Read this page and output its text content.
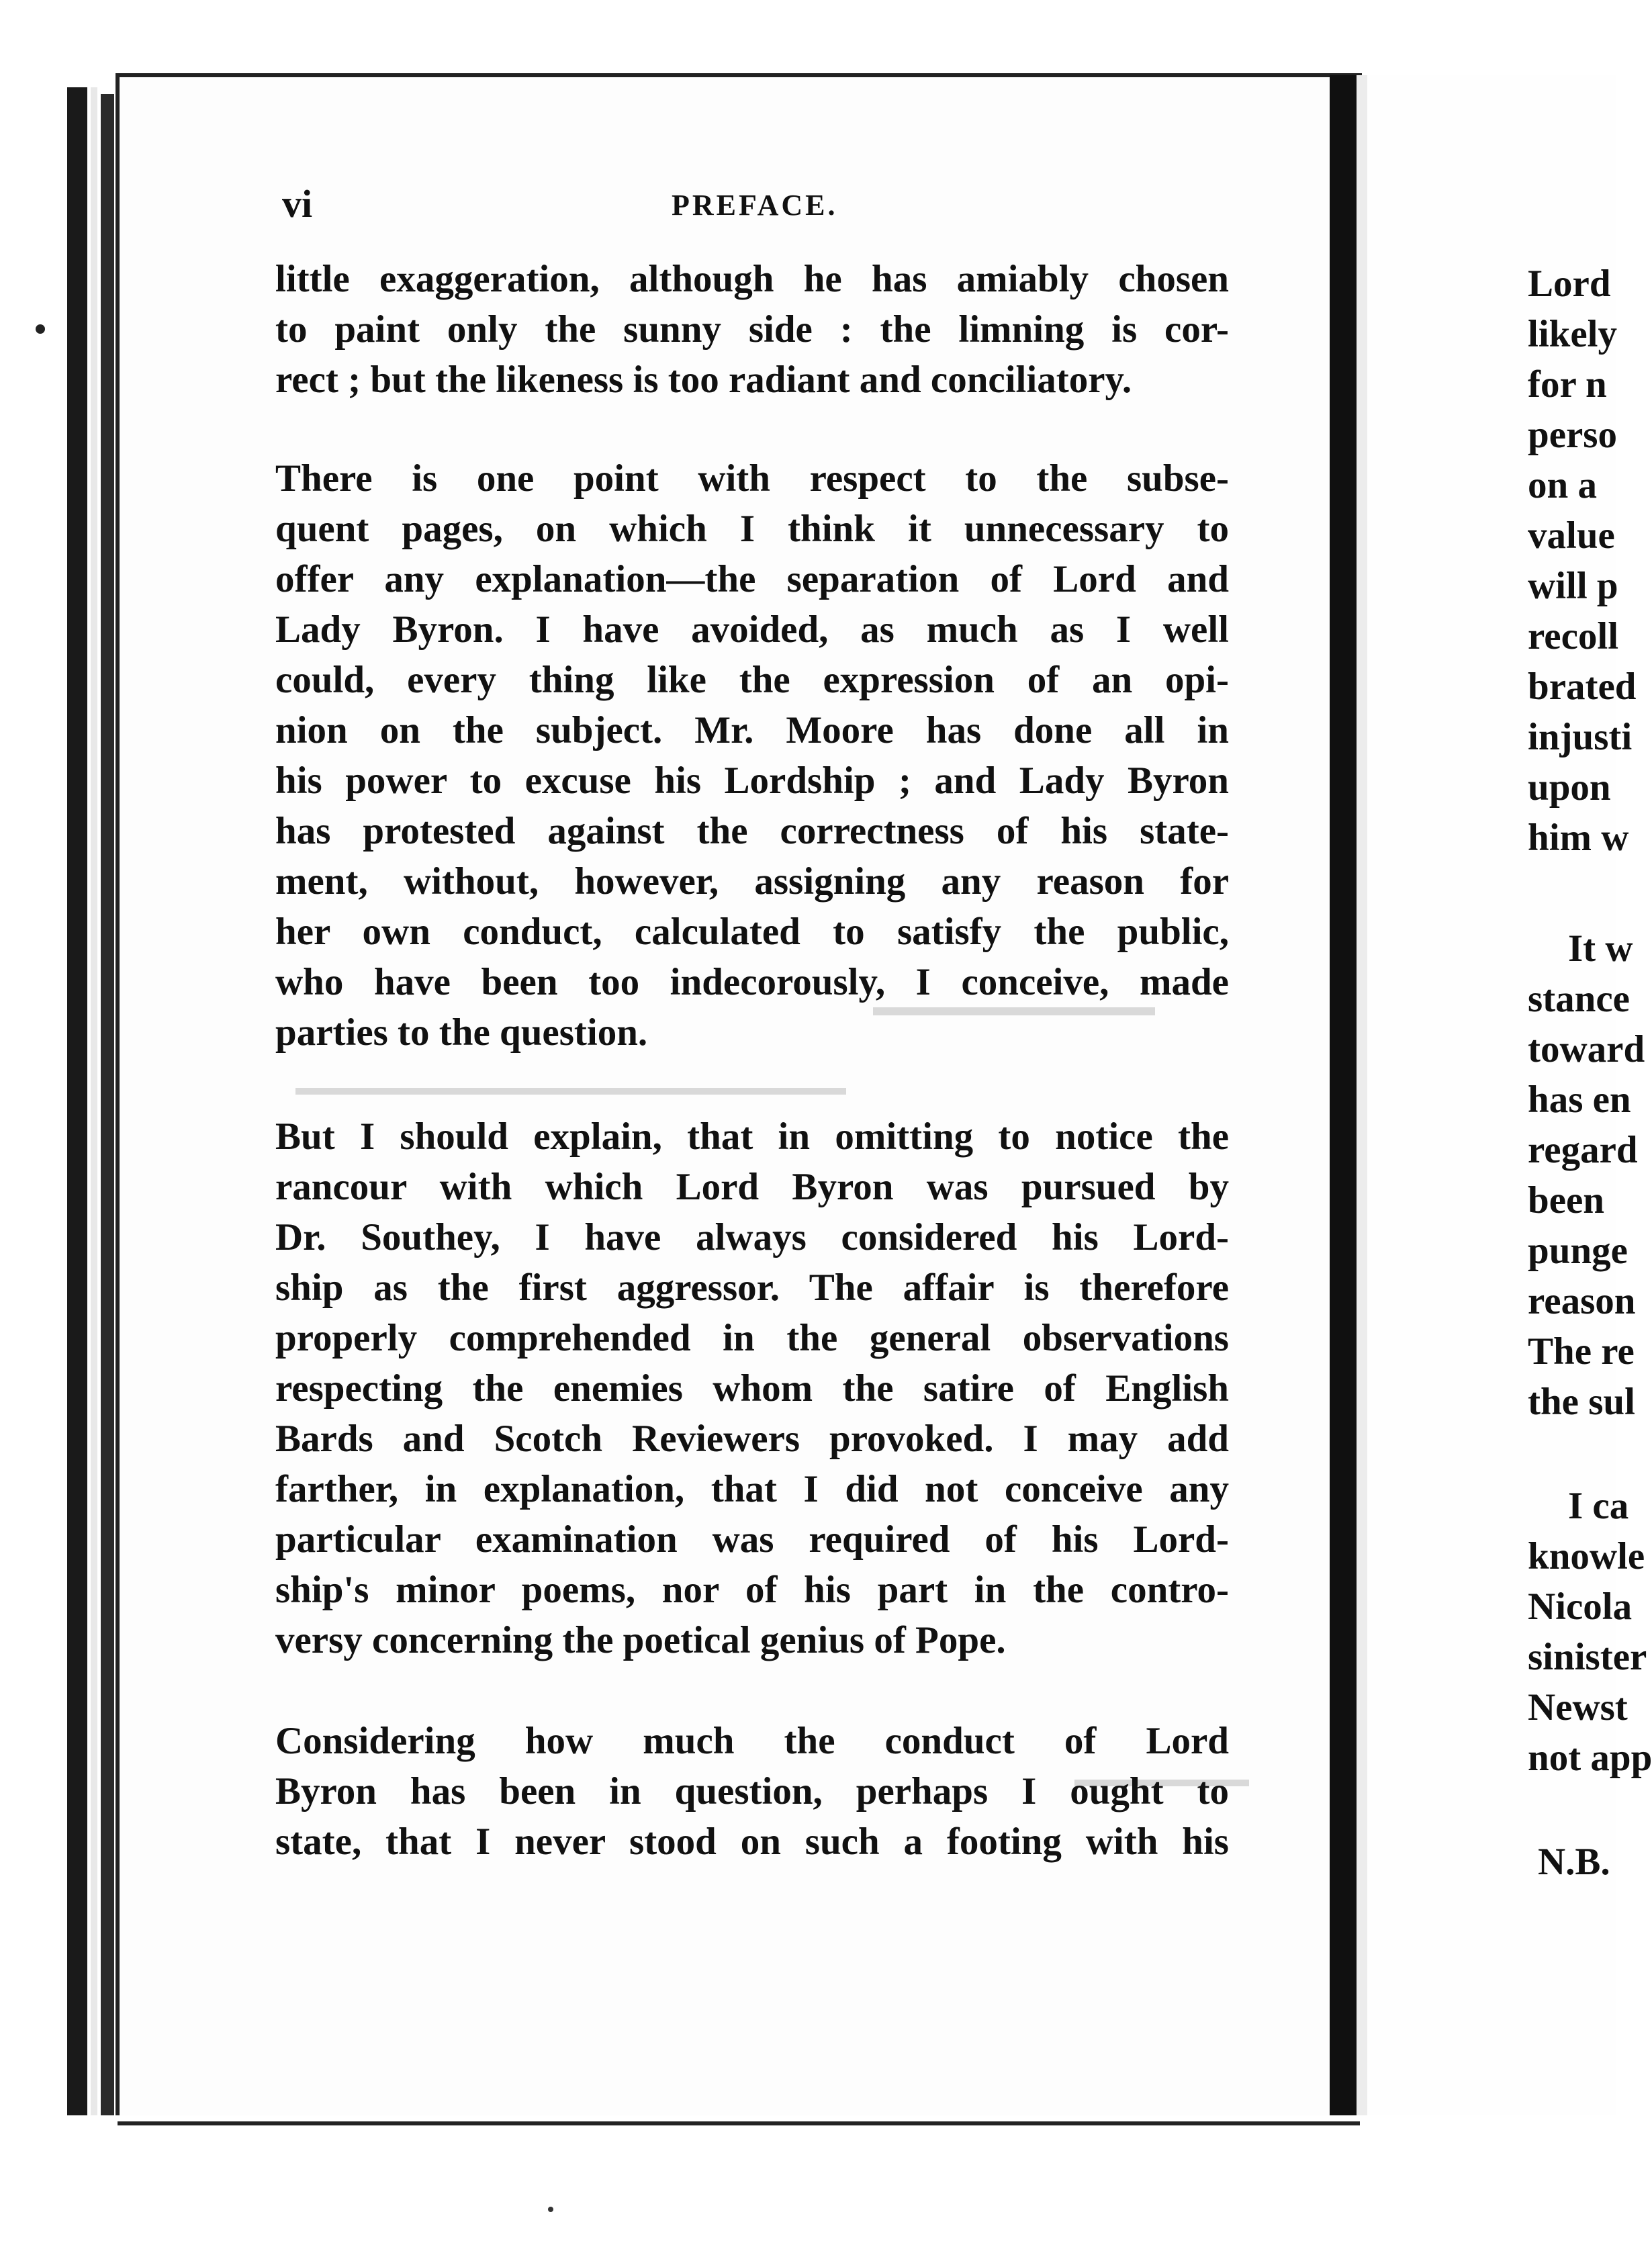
vi	PREFACE.
little exaggeration, although he has amiably chosen
to paint only the sunny side : the limning is cor-
rect ; but the likeness is too radiant and conciliatory.
There is one point with respect to the subse-
quent pages, on which I think it unnecessary to
offer any explanation—the separation of Lord and
Lady Byron. I have avoided, as much as I well
could, every thing like the expression of an opi-
nion on the subject. Mr. Moore has done all in
his power to excuse his Lordship ; and Lady Byron
has protested against the correctness of his state-
ment, without, however, assigning any reason for
her own conduct, calculated to satisfy the public,
who have been too indecorously, I conceive, made
parties to the question.
But I should explain, that in omitting to notice the
rancour with which Lord Byron was pursued by
Dr. Southey, I have always considered his Lord-
ship as the first aggressor. The affair is therefore
properly comprehended in the general observations
respecting the enemies whom the satire of English
Bards and Scotch Reviewers provoked. I may add
farther, in explanation, that I did not conceive any
particular examination was required of his Lord-
ship's minor poems, nor of his part in the contro-
versy concerning the poetical genius of Pope.
Considering how much the conduct of Lord
Byron has been in question, perhaps I ought to
state, that I never stood on such a footing with his
Lord
likely
for n
perso
on a
value
will p
recoll
brated
injusti
upon
him w
It w
stance
toward
has en
regard
been
punge
reason
The re
the sul
I ca
knowle
Nicola
sinister
Newst
not app
N.B.
